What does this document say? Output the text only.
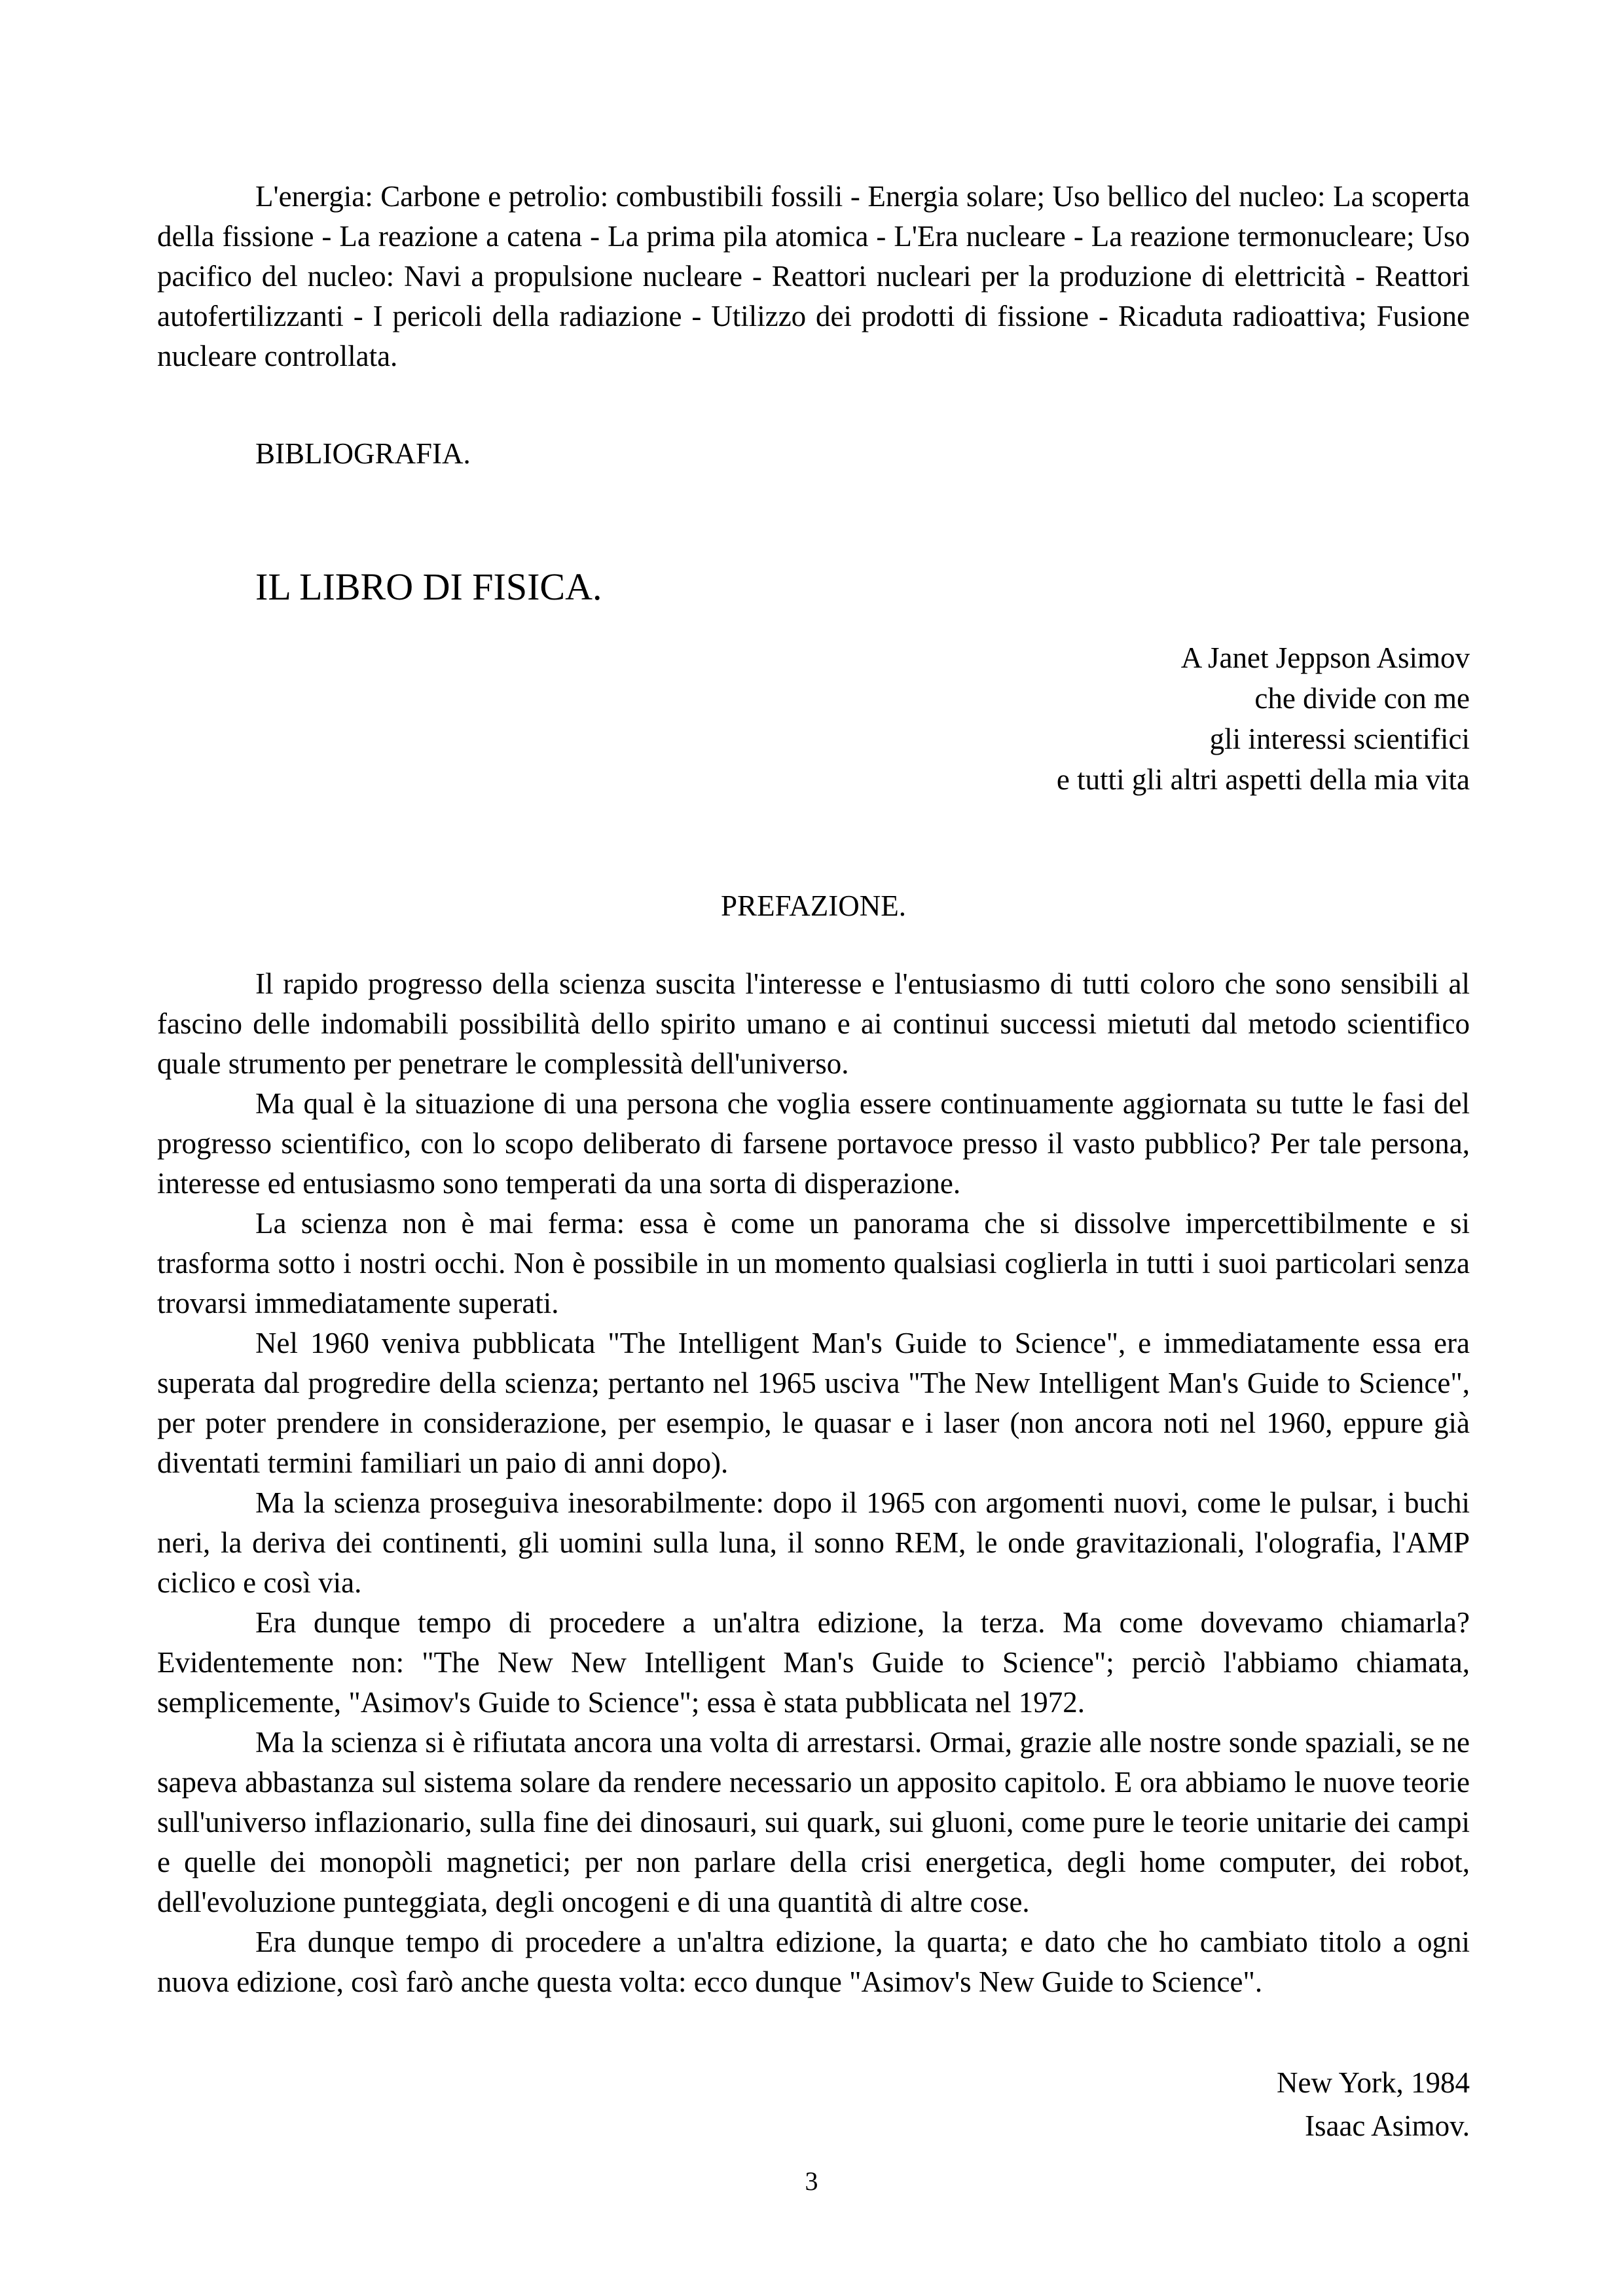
L'energia: Carbone e petrolio: combustibili fossili - Energia solare; Uso bellico del nucleo: La scoperta della fissione - La reazione a catena - La prima pila atomica - L'Era nucleare - La reazione termonucleare; Uso pacifico del nucleo: Navi a propulsione nucleare - Reattori nucleari per la produzione di elettricità - Reattori autofertilizzanti - I pericoli della radiazione - Utilizzo dei prodotti di fissione - Ricaduta radioattiva; Fusione nucleare controllata.

BIBLIOGRAFIA.
IL LIBRO DI FISICA.
A Janet Jeppson Asimov
che divide con me
gli interessi scientifici
e tutti gli altri aspetti della mia vita
PREFAZIONE.

Il rapido progresso della scienza suscita l'interesse e l'entusiasmo di tutti coloro che sono sensibili al fascino delle indomabili possibilità dello spirito umano e ai continui successi mietuti dal metodo scientifico quale strumento per penetrare le complessità dell'universo.

Ma qual è la situazione di una persona che voglia essere continuamente aggiornata su tutte le fasi del progresso scientifico, con lo scopo deliberato di farsene portavoce presso il vasto pubblico? Per tale persona, interesse ed entusiasmo sono temperati da una sorta di disperazione.

La scienza non è mai ferma: essa è come un panorama che si dissolve impercettibilmente e si trasforma sotto i nostri occhi. Non è possibile in un momento qualsiasi coglierla in tutti i suoi particolari senza trovarsi immediatamente superati.

Nel 1960 veniva pubblicata "The Intelligent Man's Guide to Science", e immediatamente essa era superata dal progredire della scienza; pertanto nel 1965 usciva "The New Intelligent Man's Guide to Science", per poter prendere in considerazione, per esempio, le quasar e i laser (non ancora noti nel 1960, eppure già diventati termini familiari un paio di anni dopo).

Ma la scienza proseguiva inesorabilmente: dopo il 1965 con argomenti nuovi, come le pulsar, i buchi neri, la deriva dei continenti, gli uomini sulla luna, il sonno REM, le onde gravitazionali, l'olografia, l'AMP ciclico e così via.

Era dunque tempo di procedere a un'altra edizione, la terza. Ma come dovevamo chiamarla? Evidentemente non: "The New New Intelligent Man's Guide to Science"; perciò l'abbiamo chiamata, semplicemente, "Asimov's Guide to Science"; essa è stata pubblicata nel 1972.

Ma la scienza si è rifiutata ancora una volta di arrestarsi. Ormai, grazie alle nostre sonde spaziali, se ne sapeva abbastanza sul sistema solare da rendere necessario un apposito capitolo. E ora abbiamo le nuove teorie sull'universo inflazionario, sulla fine dei dinosauri, sui quark, sui gluoni, come pure le teorie unitarie dei campi e quelle dei monopòli magnetici; per non parlare della crisi energetica, degli home computer, dei robot, dell'evoluzione punteggiata, degli oncogeni e di una quantità di altre cose.

Era dunque tempo di procedere a un'altra edizione, la quarta; e dato che ho cambiato titolo a ogni nuova edizione, così farò anche questa volta: ecco dunque "Asimov's New Guide to Science".

New York, 1984
Isaac Asimov.
3
